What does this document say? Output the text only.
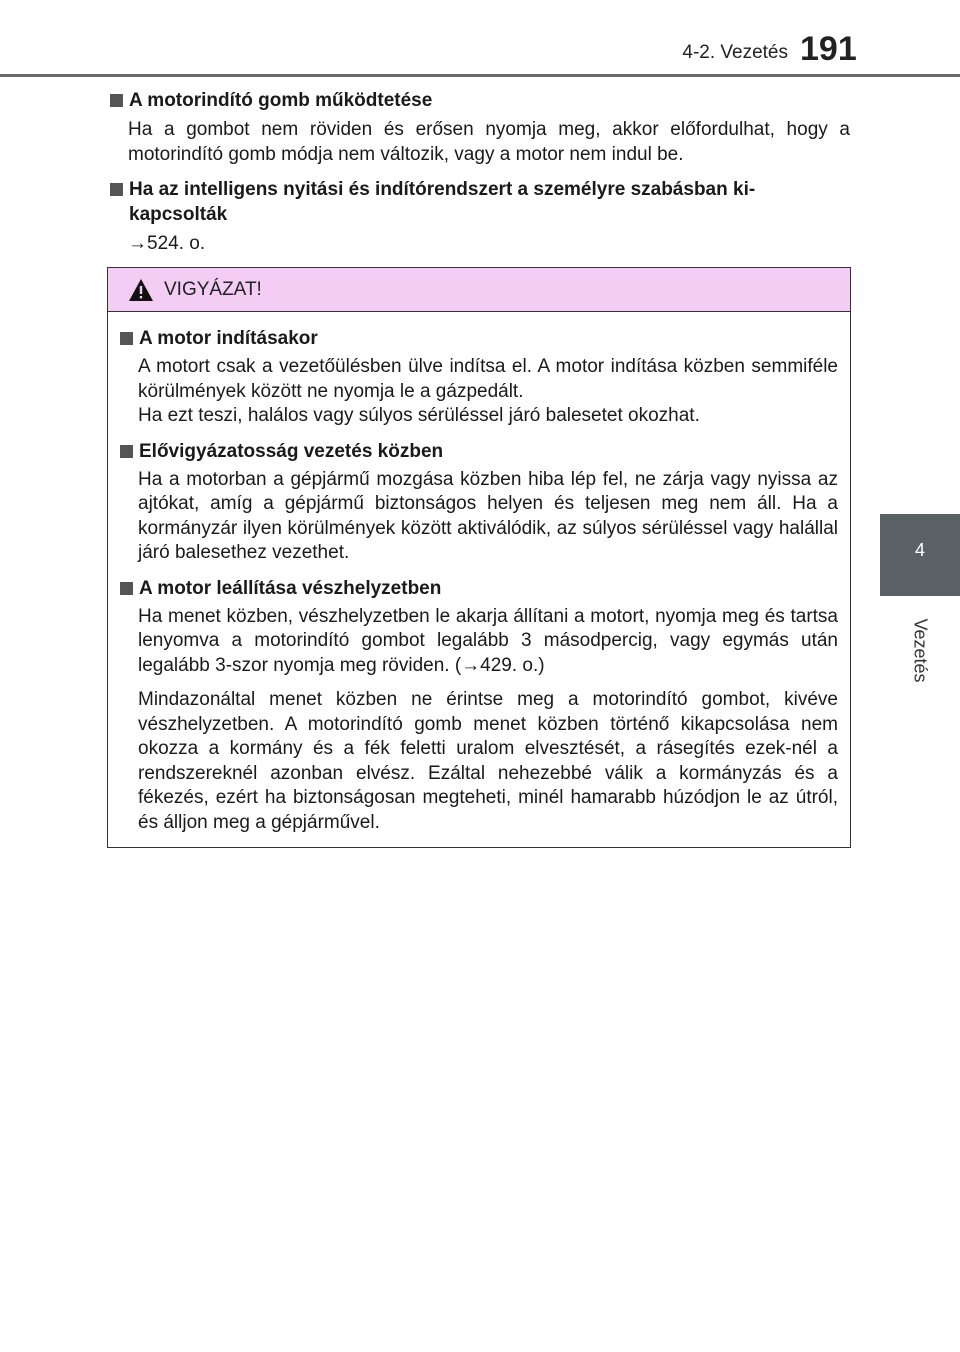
4-2. Vezetés 191
4
Vezetés
A motorindító gomb működtetése
Ha a gombot nem röviden és erősen nyomja meg, akkor előfordulhat, hogy a motorindító gomb módja nem változik, vagy a motor nem indul be.
Ha az intelligens nyitási és indítórendszert a személyre szabásban ki-kapcsolták
→524. o.
VIGYÁZAT!
A motor indításakor
A motort csak a vezetőülésben ülve indítsa el. A motor indítása közben semmiféle körülmények között ne nyomja le a gázpedált.
Ha ezt teszi, halálos vagy súlyos sérüléssel járó balesetet okozhat.
Elővigyázatosság vezetés közben
Ha a motorban a gépjármű mozgása közben hiba lép fel, ne zárja vagy nyissa az ajtókat, amíg a gépjármű biztonságos helyen és teljesen meg nem áll. Ha a kormányzár ilyen körülmények között aktiválódik, az súlyos sérüléssel vagy halállal járó balesethez vezethet.
A motor leállítása vészhelyzetben
Ha menet közben, vészhelyzetben le akarja állítani a motort, nyomja meg és tartsa lenyomva a motorindító gombot legalább 3 másodpercig, vagy egymás után legalább 3-szor nyomja meg röviden. (→429. o.)
Mindazonáltal menet közben ne érintse meg a motorindító gombot, kivéve vészhelyzetben. A motorindító gomb menet közben történő kikapcsolása nem okozza a kormány és a fék feletti uralom elvesztését, a rásegítés ezek-nél a rendszereknél azonban elvész. Ezáltal nehezebbé válik a kormányzás és a fékezés, ezért ha biztonságosan megteheti, minél hamarabb húzódjon le az útról, és álljon meg a gépjárművel.
